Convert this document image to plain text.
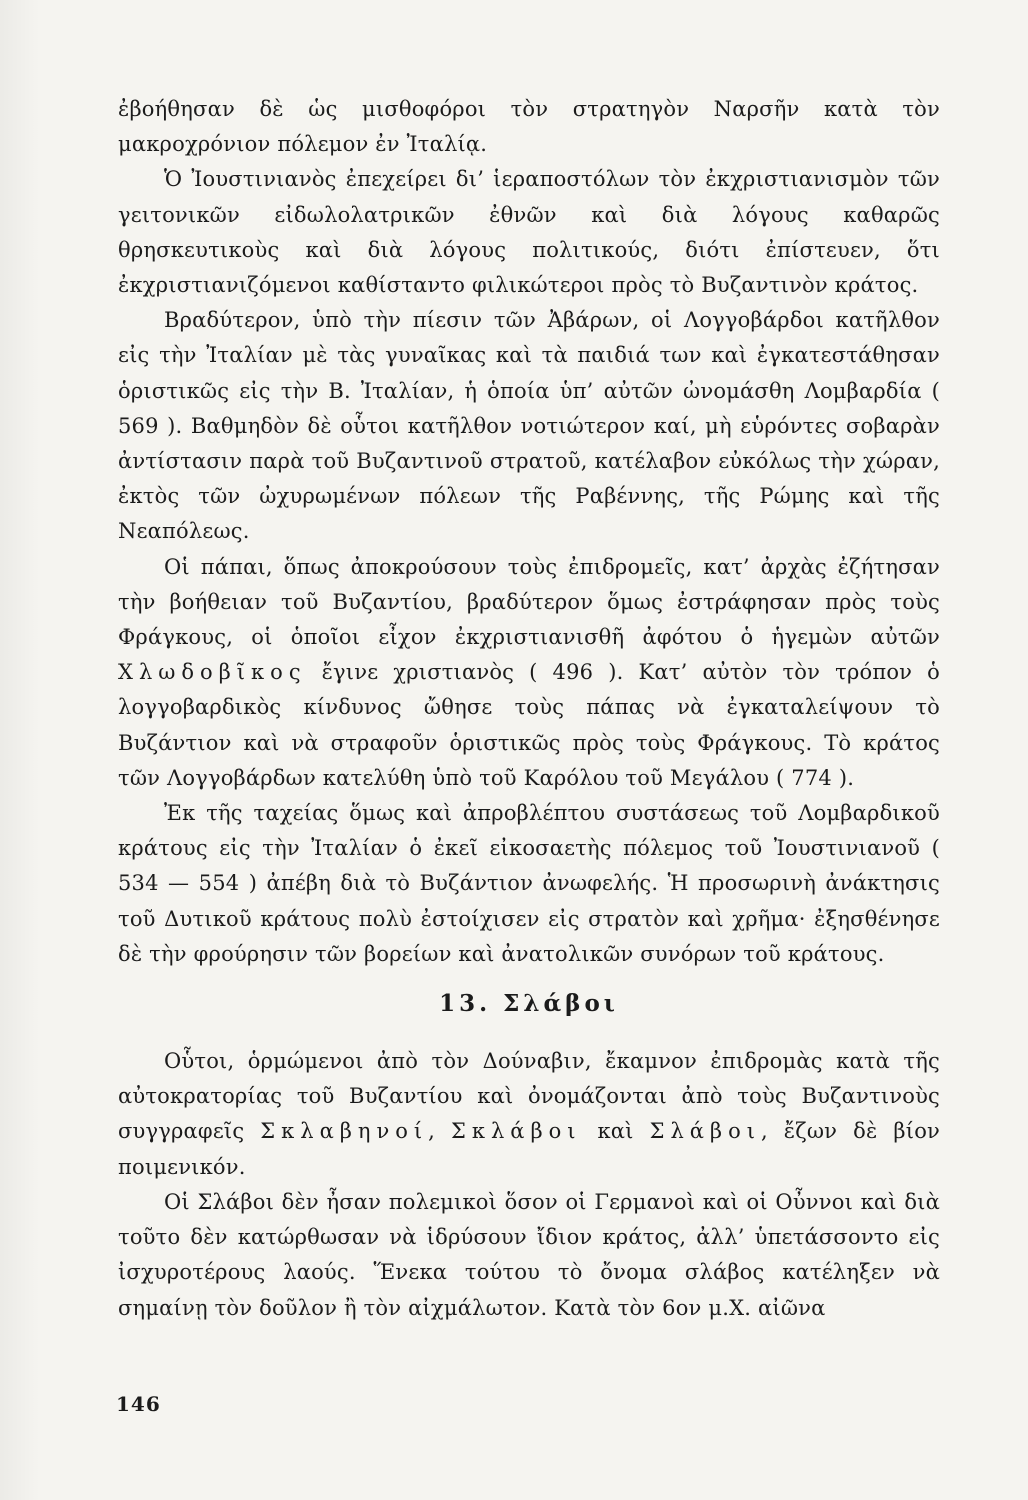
ἐβοήθησαν δὲ ὡς μισθοφόροι τὸν στρατηγὸν Ναρσῆν κατὰ τὸν μακροχρόνιον πόλεμον ἐν Ἰταλίᾳ.

Ὁ Ἰουστινιανὸς ἐπεχείρει δι’ ἱεραποστόλων τὸν ἐκχριστιανισμὸν τῶν γειτονικῶν εἰδωλολατρικῶν ἐθνῶν καὶ διὰ λόγους καθαρῶς θρησκευτικοὺς καὶ διὰ λόγους πολιτικούς, διότι ἐπίστευεν, ὅτι ἐκχριστιανιζόμενοι καθίσταντο φιλικώτεροι πρὸς τὸ Βυζαντινὸν κράτος.

Βραδύτερον, ὑπὸ τὴν πίεσιν τῶν Ἀβάρων, οἱ Λογγοβάρδοι κατῆλθον εἰς τὴν Ἰταλίαν μὲ τὰς γυναῖκας καὶ τὰ παιδιά των καὶ ἐγκατεστάθησαν ὁριστικῶς εἰς τὴν Β. Ἰταλίαν, ἡ ὁποία ὑπ’ αὐτῶν ὠνομάσθη Λομβαρδία ( 569 ). Βαθμηδὸν δὲ οὗτοι κατῆλθον νοτιώτερον καί, μὴ εὑρόντες σοβαρὰν ἀντίστασιν παρὰ τοῦ Βυζαντινοῦ στρατοῦ, κατέλαβον εὐκόλως τὴν χώραν, ἐκτὸς τῶν ὠχυρωμένων πόλεων τῆς Ραβέννης, τῆς Ρώμης καὶ τῆς Νεαπόλεως.

Οἱ πάπαι, ὅπως ἀποκρούσουν τοὺς ἐπιδρομεῖς, κατ’ ἀρχὰς ἐζήτησαν τὴν βοήθειαν τοῦ Βυζαντίου, βραδύτερον ὅμως ἐστράφησαν πρὸς τοὺς Φράγκους, οἱ ὁποῖοι εἶχον ἐκχριστιανισθῆ ἀφότου ὁ ἡγεμὼν αὐτῶν Χλωδοβῖκος ἔγινε χριστιανὸς ( 496 ). Κατ’ αὐτὸν τὸν τρόπον ὁ λογγοβαρδικὸς κίνδυνος ὤθησε τοὺς πάπας νὰ ἐγκαταλείψουν τὸ Βυζάντιον καὶ νὰ στραφοῦν ὁριστικῶς πρὸς τοὺς Φράγκους. Τὸ κράτος τῶν Λογγοβάρδων κατελύθη ὑπὸ τοῦ Καρόλου τοῦ Μεγάλου ( 774 ).

Ἐκ τῆς ταχείας ὅμως καὶ ἀπροβλέπτου συστάσεως τοῦ Λομβαρδικοῦ κράτους εἰς τὴν Ἰταλίαν ὁ ἐκεῖ εἰκοσαετὴς πόλεμος τοῦ Ἰουστινιανοῦ ( 534 — 554 ) ἀπέβη διὰ τὸ Βυζάντιον ἀνωφελής. Ἡ προσωρινὴ ἀνάκτησις τοῦ Δυτικοῦ κράτους πολὺ ἐστοίχισεν εἰς στρατὸν καὶ χρῆμα· ἐξησθένησε δὲ τὴν φρούρησιν τῶν βορείων καὶ ἀνατολικῶν συνόρων τοῦ κράτους.

13. Σλάβοι

Οὗτοι, ὁρμώμενοι ἀπὸ τὸν Δούναβιν, ἔκαμνον ἐπιδρομὰς κατὰ τῆς αὐτοκρατορίας τοῦ Βυζαντίου καὶ ὀνομάζονται ἀπὸ τοὺς Βυζαντινοὺς συγγραφεῖς Σκλαβηνοί, Σκλάβοι καὶ Σλάβοι, ἔζων δὲ βίον ποιμενικόν.

Οἱ Σλάβοι δὲν ἦσαν πολεμικοὶ ὅσον οἱ Γερμανοὶ καὶ οἱ Οὖννοι καὶ διὰ τοῦτο δὲν κατώρθωσαν νὰ ἱδρύσουν ἴδιον κράτος, ἀλλ’ ὑπετάσσοντο εἰς ἰσχυροτέρους λαούς. Ἕνεκα τούτου τὸ ὄνομα σλάβος κατέληξεν νὰ σημαίνῃ τὸν δοῦλον ἢ τὸν αἰχμάλωτον. Κατὰ τὸν 6ον μ.Χ. αἰῶνα

146
